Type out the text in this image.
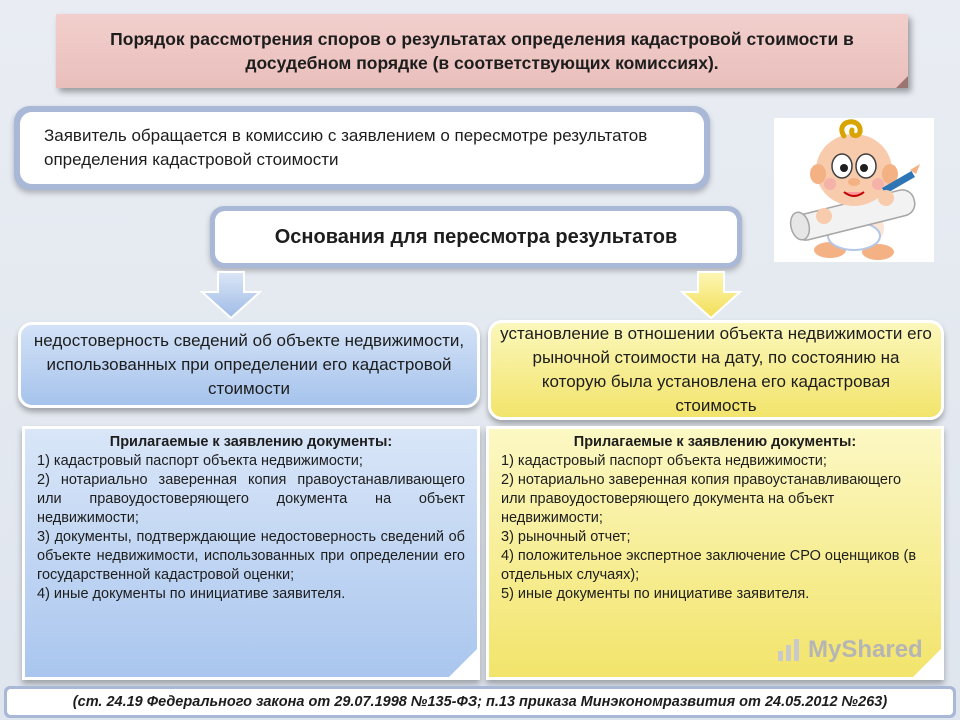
Порядок рассмотрения споров о результатах определения кадастровой стоимости в досудебном порядке (в соответствующих комиссиях).
Заявитель обращается в комиссию с заявлением о пересмотре результатов определения кадастровой стоимости
Основания для пересмотра результатов
недостоверность сведений об объекте недвижимости, использованных при определении его кадастровой стоимости
установление в отношении объекта недвижимости его рыночной стоимости на дату, по состоянию на которую была установлена его кадастровая стоимость
Прилагаемые к заявлению документы:
1) кадастровый паспорт объекта недвижимости;
2) нотариально заверенная копия правоустанавливающего или правоудостоверяющего документа на объект недвижимости;
3) документы, подтверждающие недостоверность сведений об объекте недвижимости, использованных при определении его государственной кадастровой оценки;
4) иные документы по инициативе заявителя.
Прилагаемые к заявлению документы:
1) кадастровый паспорт объекта недвижимости;
2) нотариально заверенная копия правоустанавливающего или правоудостоверяющего документа на объект недвижимости;
3) рыночный отчет;
4) положительное экспертное заключение СРО оценщиков (в отдельных случаях);
5) иные документы по инициативе заявителя.
MyShared
(ст. 24.19 Федерального закона от 29.07.1998 №135-ФЗ; п.13 приказа Минэкономразвития от 24.05.2012 №263)
